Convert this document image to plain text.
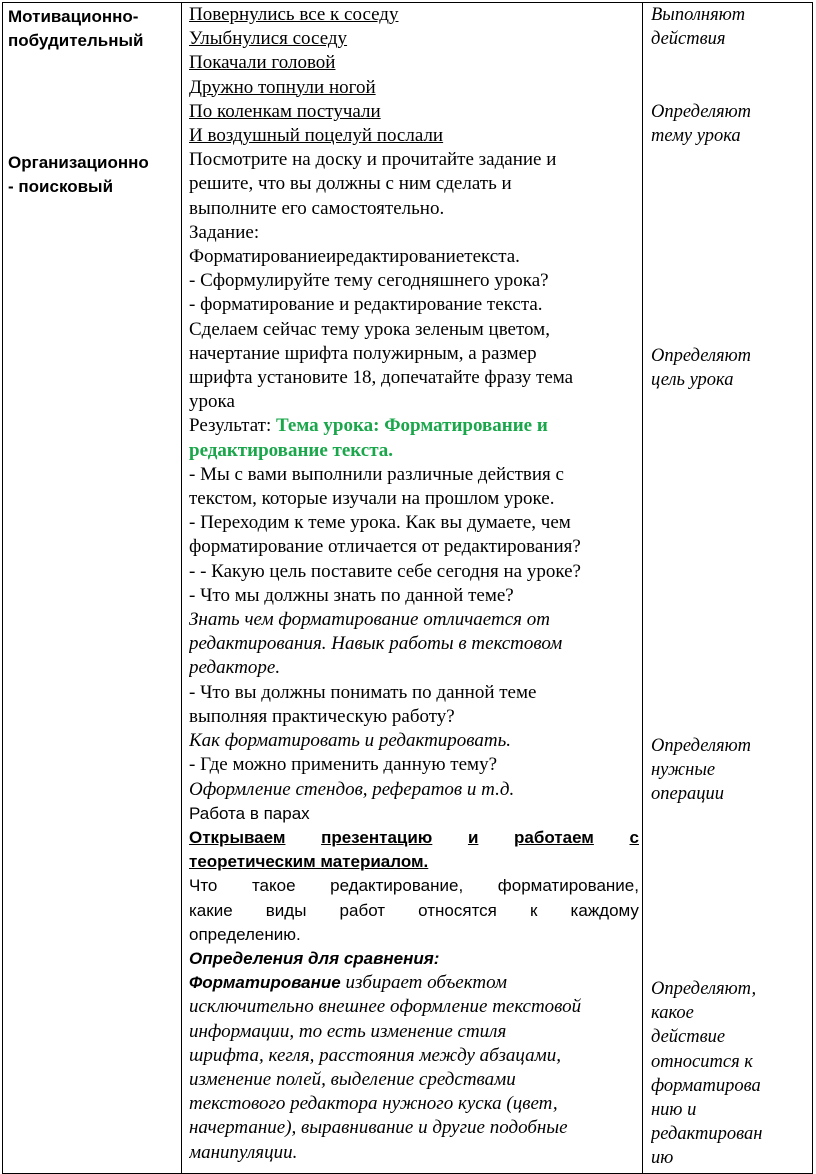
Мотивационно-
побудительный
Организационно
- поисковый
Повернулись все к соседу
Улыбнулися соседу
Покачали головой
Дружно топнули ногой
По коленкам постучали
И воздушный поцелуй послали
Посмотрите на доску и прочитайте задание и
решите, что вы должны с ним сделать и
выполните его самостоятельно.
Задание:
Форматированиеиредактированиетекста.
- Сформулируйте тему сегодняшнего урока?
- форматирование и редактирование текста.
Сделаем сейчас тему урока зеленым цветом,
начертание шрифта полужирным, а размер
шрифта установите 18, допечатайте фразу тема
урока
Результат: Тема урока: Форматирование и
редактирование текста.
- Мы с вами выполнили различные действия с
текстом, которые изучали на прошлом уроке.
- Переходим к теме урока. Как вы думаете, чем
форматирование отличается от редактирования?
- - Какую цель поставите себе сегодня на уроке?
- Что мы должны знать по данной теме?
Знать чем форматирование отличается от
редактирования. Навык работы в текстовом
редакторе.
- Что вы должны понимать по данной теме
выполняя практическую работу?
Как форматировать и редактировать.
- Где можно применить данную тему?
Оформление стендов, рефератов и т.д.
Работа в парах
Открываем презентацию и работаем с
теоретическим материалом.
Что такое редактирование, форматирование,
какие виды работ относятся к каждому
определению.
Определения для сравнения:
Форматирование избирает объектом
исключительно внешнее оформление текстовой
информации, то есть изменение стиля
шрифта, кегля, расстояния между абзацами,
изменение полей, выделение средствами
текстового редактора нужного куска (цвет,
начертание), выравнивание и другие подобные
манипуляции.
Выполняют
действия
Определяют
тему урока
Определяют
цель урока
Определяют
нужные
операции
Определяют,
какое
действие
относится к
форматирова
нию и
редактирован
ию
